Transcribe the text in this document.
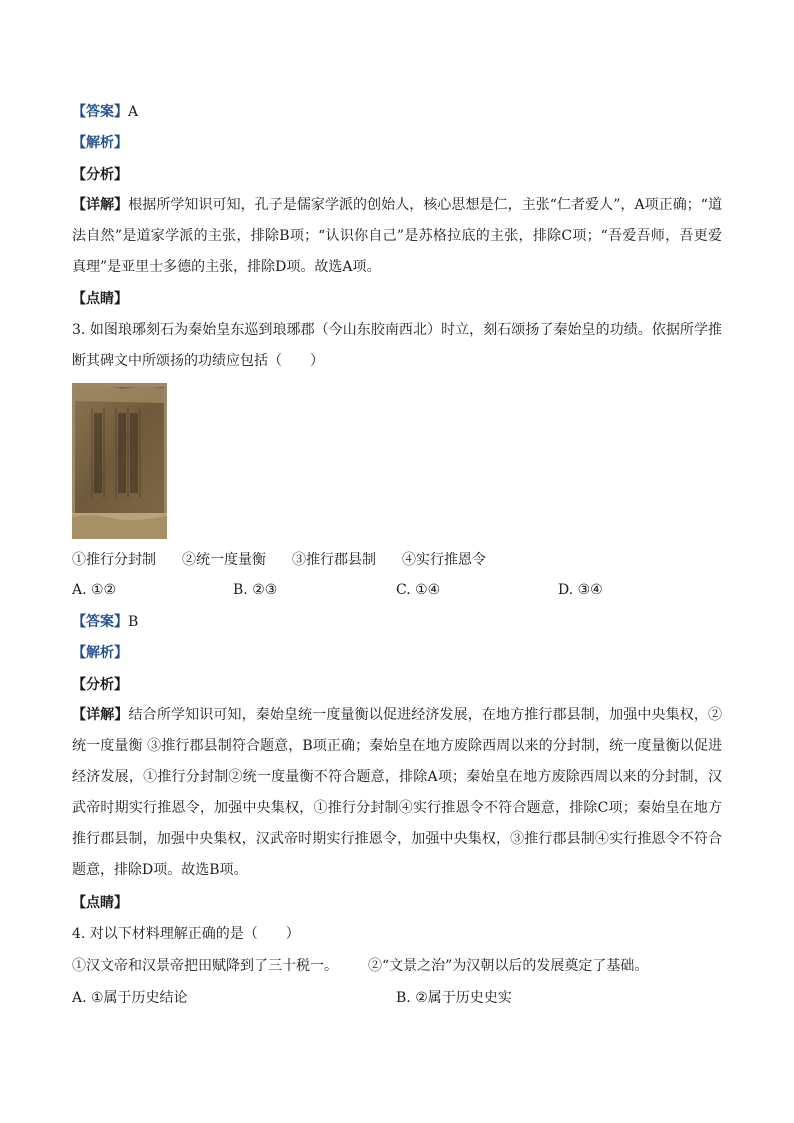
【答案】A
【解析】
【分析】
【详解】根据所学知识可知，孔子是儒家学派的创始人，核心思想是仁，主张“仁者爱人”，A项正确；“道法自然”是道家学派的主张，排除B项；“认识你自己”是苏格拉底的主张，排除C项；“吾爱吾师，吾更爱真理”是亚里士多德的主张，排除D项。故选A项。
【点睛】
3. 如图琅琊刻石为秦始皇东巡到琅琊郡（今山东胶南西北）时立，刻石颂扬了秦始皇的功绩。依据所学推断其碑文中所颂扬的功绩应包括（　　）
①推行分封制 ②统一度量衡 ③推行郡县制 ④实行推恩令
A. ①②	B. ②③	C. ①④	D. ③④
【答案】B
【解析】
【分析】
【详解】结合所学知识可知，秦始皇统一度量衡以促进经济发展，在地方推行郡县制，加强中央集权，②统一度量衡 ③推行郡县制符合题意，B项正确；秦始皇在地方废除西周以来的分封制，统一度量衡以促进经济发展，①推行分封制②统一度量衡不符合题意，排除A项；秦始皇在地方废除西周以来的分封制，汉武帝时期实行推恩令，加强中央集权，①推行分封制④实行推恩令不符合题意，排除C项；秦始皇在地方推行郡县制，加强中央集权，汉武帝时期实行推恩令，加强中央集权，③推行郡县制④实行推恩令不符合题意，排除D项。故选B项。
【点睛】
4. 对以下材料理解正确的是（　　）
①汉文帝和汉景帝把田赋降到了三十税一。 ②“文景之治”为汉朝以后的发展奠定了基础。
A. ①属于历史结论	B. ②属于历史史实
